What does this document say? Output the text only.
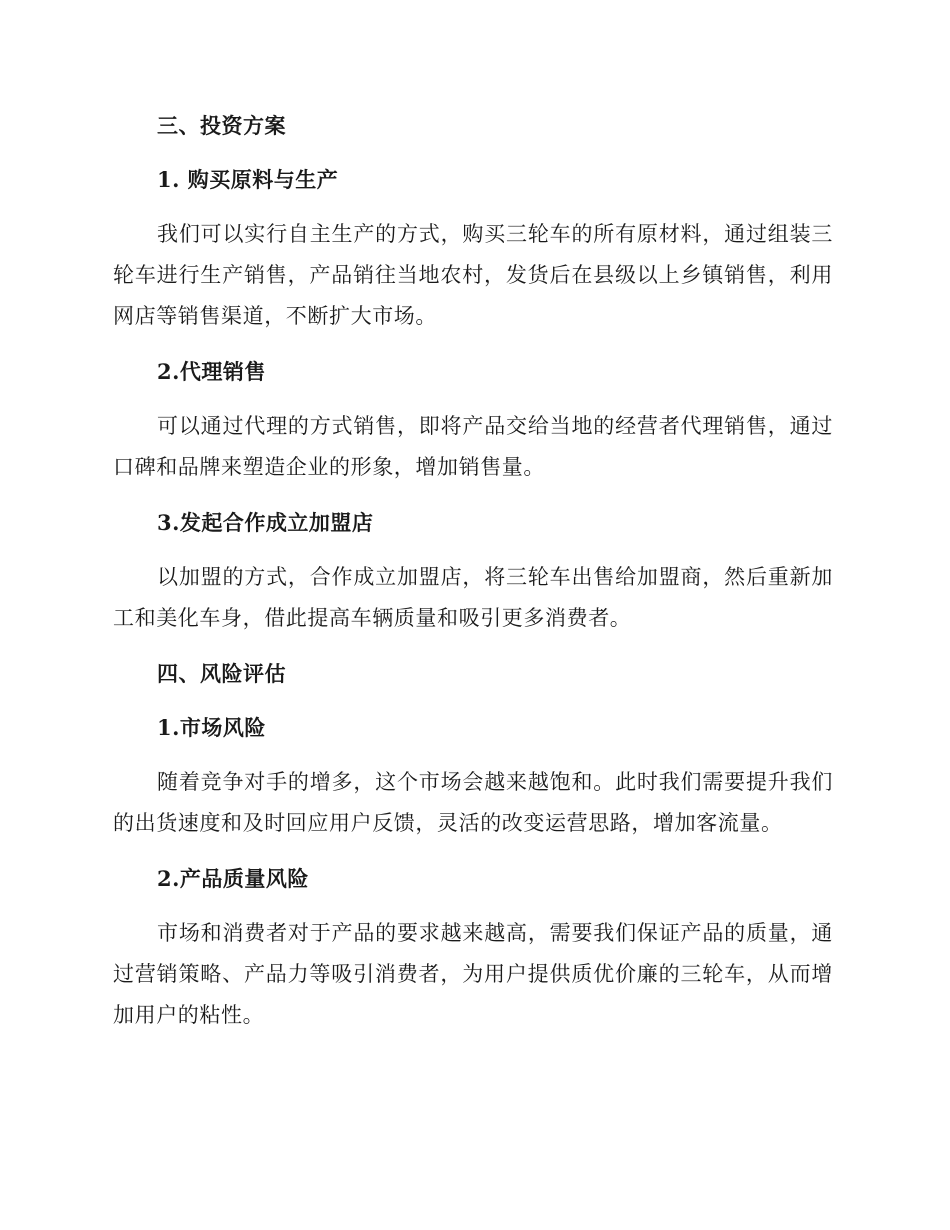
三、投资方案
1. 购买原料与生产

我们可以实行自主生产的方式，购买三轮车的所有原材料，通过组装三轮车进行生产销售，产品销往当地农村，发货后在县级以上乡镇销售，利用网店等销售渠道，不断扩大市场。

2.代理销售

可以通过代理的方式销售，即将产品交给当地的经营者代理销售，通过口碑和品牌来塑造企业的形象，增加销售量。

3.发起合作成立加盟店

以加盟的方式，合作成立加盟店，将三轮车出售给加盟商，然后重新加工和美化车身，借此提高车辆质量和吸引更多消费者。

四、风险评估
1.市场风险

随着竞争对手的增多，这个市场会越来越饱和。此时我们需要提升我们的出货速度和及时回应用户反馈，灵活的改变运营思路，增加客流量。

2.产品质量风险

市场和消费者对于产品的要求越来越高，需要我们保证产品的质量，通过营销策略、产品力等吸引消费者，为用户提供质优价廉的三轮车，从而增加用户的粘性。
